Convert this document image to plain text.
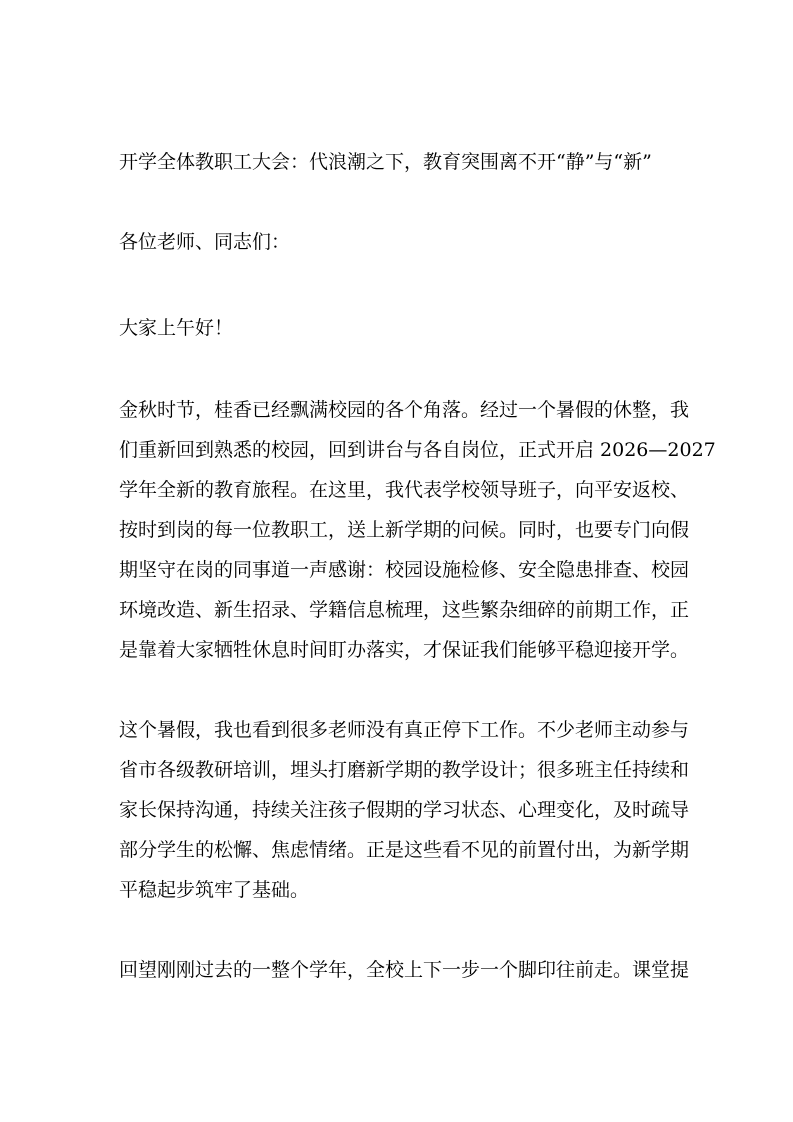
开学全体教职工大会：代浪潮之下，教育突围离不开“静”与“新”
各位老师、同志们：
大家上午好！
金秋时节，桂香已经飘满校园的各个角落。经过一个暑假的休整，我
们重新回到熟悉的校园，回到讲台与各自岗位，正式开启 2026—2027
学年全新的教育旅程。在这里，我代表学校领导班子，向平安返校、
按时到岗的每一位教职工，送上新学期的问候。同时，也要专门向假
期坚守在岗的同事道一声感谢：校园设施检修、安全隐患排查、校园
环境改造、新生招录、学籍信息梳理，这些繁杂细碎的前期工作，正
是靠着大家牺牲休息时间盯办落实，才保证我们能够平稳迎接开学。
这个暑假，我也看到很多老师没有真正停下工作。不少老师主动参与
省市各级教研培训，埋头打磨新学期的教学设计；很多班主任持续和
家长保持沟通，持续关注孩子假期的学习状态、心理变化，及时疏导
部分学生的松懈、焦虑情绪。正是这些看不见的前置付出，为新学期
平稳起步筑牢了基础。
回望刚刚过去的一整个学年，全校上下一步一个脚印往前走。课堂提
